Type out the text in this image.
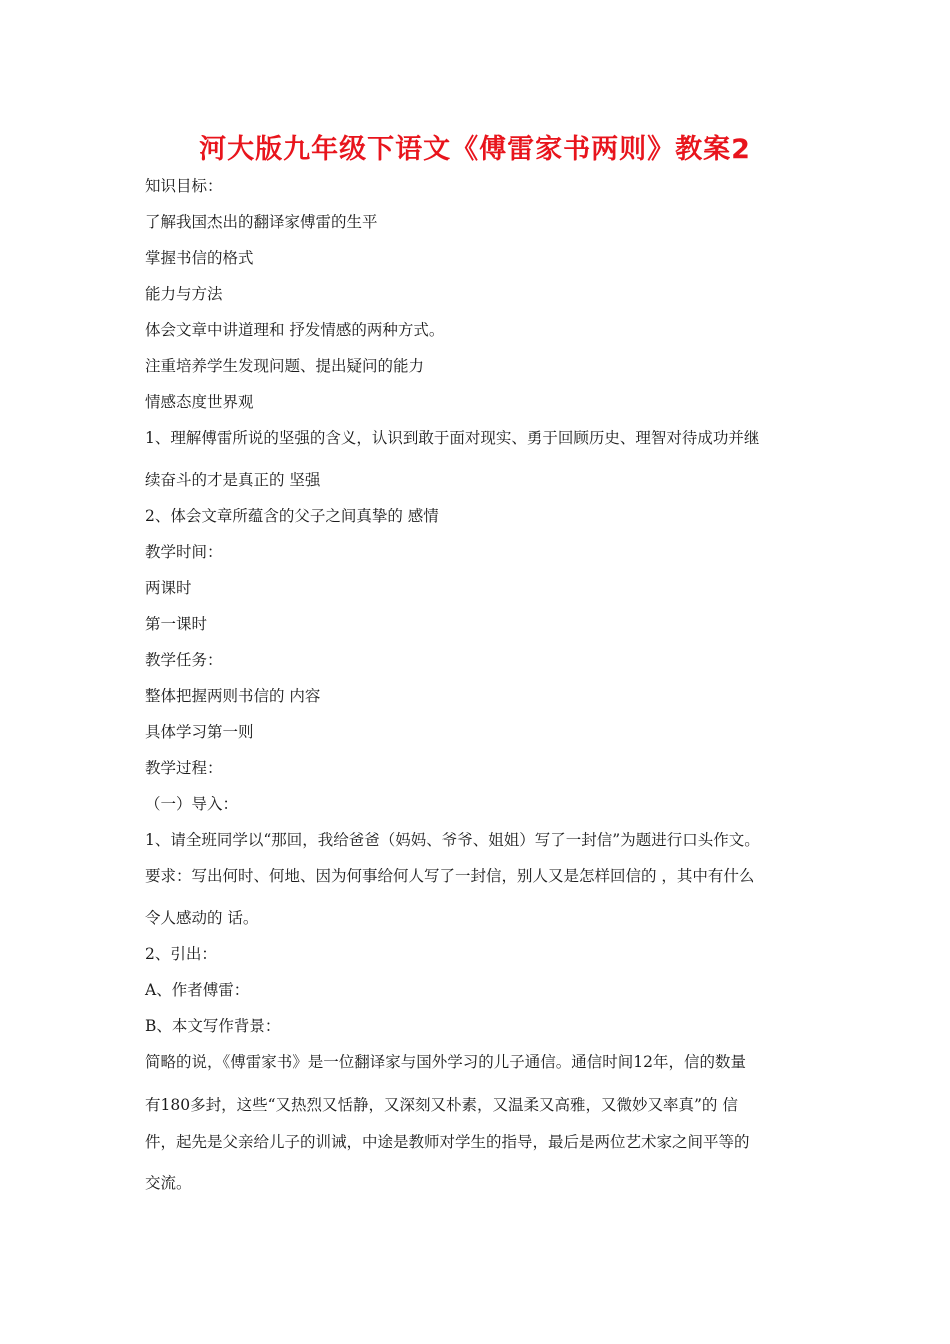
河大版九年级下语文《傅雷家书两则》教案2
知识目标：
了解我国杰出的翻译家傅雷的生平
掌握书信的格式
能力与方法
体会文章中讲道理和 抒发情感的两种方式。
注重培养学生发现问题、提出疑问的能力
情感态度世界观
1、理解傅雷所说的坚强的含义，认识到敢于面对现实、勇于回顾历史、理智对待成功并继
续奋斗的才是真正的 坚强
2、体会文章所蕴含的父子之间真挚的 感情
教学时间：
两课时
第一课时
教学任务：
整体把握两则书信的 内容
具体学习第一则
教学过程：
（一）导入：
1、请全班同学以“那回，我给爸爸（妈妈、爷爷、姐姐）写了一封信”为题进行口头作文。
要求：写出何时、何地、因为何事给何人写了一封信，别人又是怎样回信的 ，其中有什么
令人感动的 话。
2、引出：
A、作者傅雷：
B、本文写作背景：
简略的说，《傅雷家书》是一位翻译家与国外学习的儿子通信。通信时间12年，信的数量
有180多封，这些“又热烈又恬静，又深刻又朴素，又温柔又高雅，又微妙又率真”的 信
件，起先是父亲给儿子的训诫，中途是教师对学生的指导，最后是两位艺术家之间平等的
交流。
